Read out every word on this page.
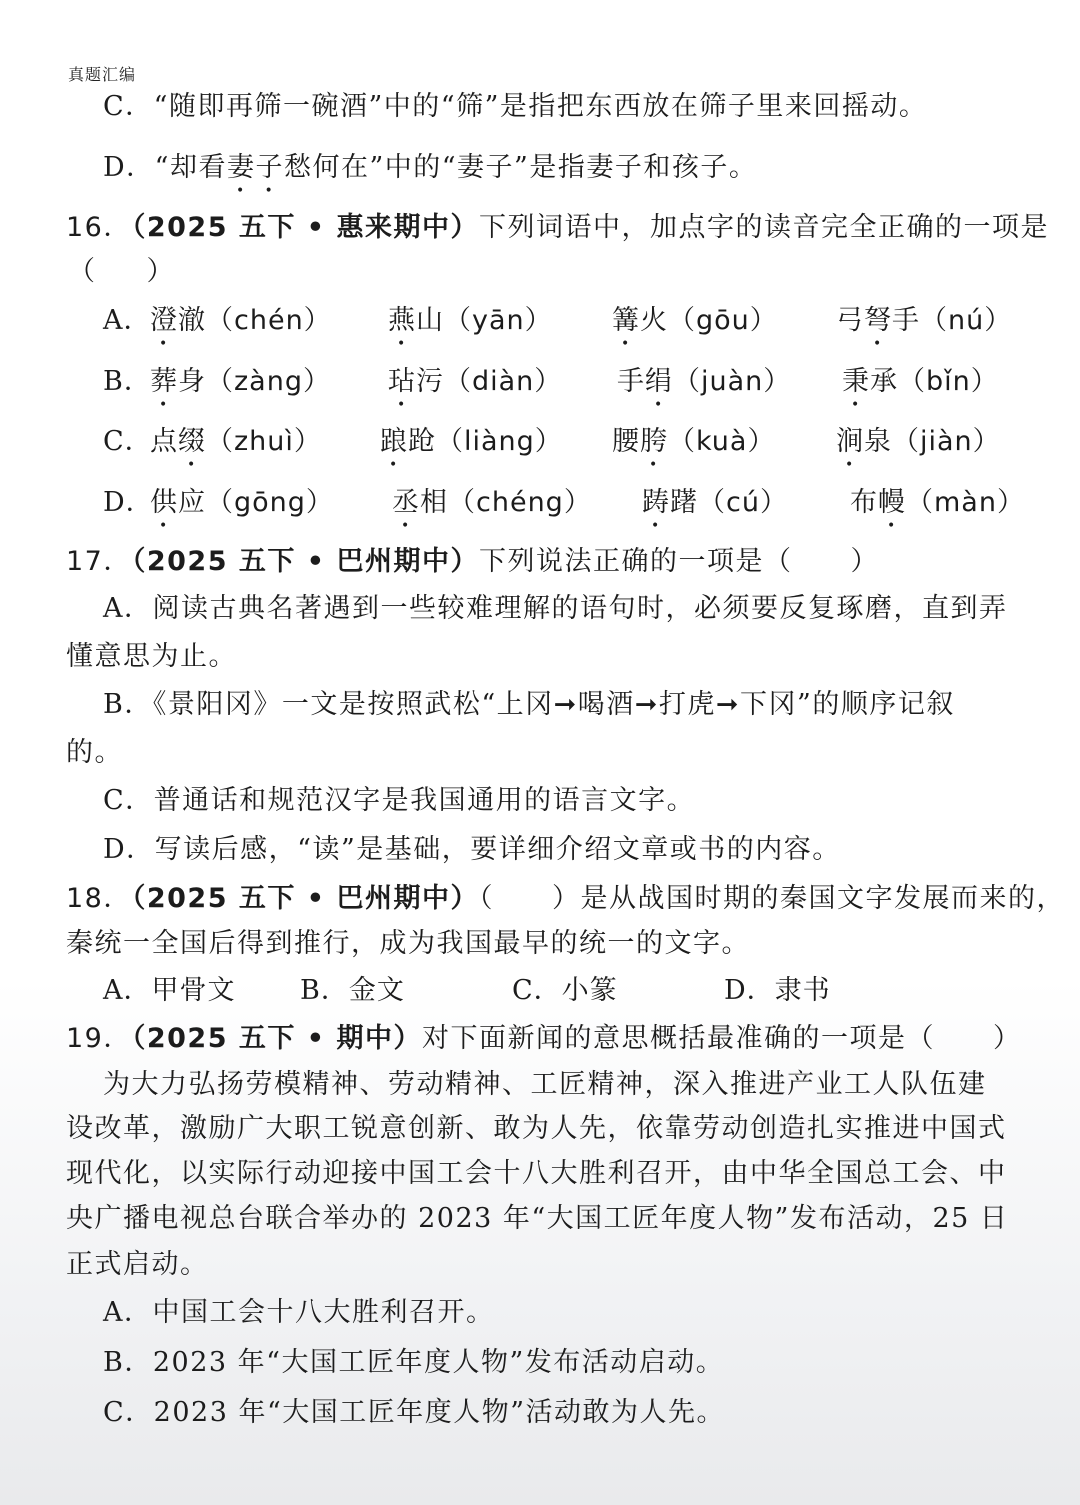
真题汇编
C．“随即再筛一碗酒”中的“筛”是指把东西放在筛子里来回摇动。
D．“却看妻子愁何在”中的“妻子”是指妻子和孩子。
16．（2025 五下 • 惠来期中）下列词语中，加点字的读音完全正确的一项是
（ ）
A．
澄澈（chén） 燕山（yān） 篝火（gōu） 弓弩手（nú）
B．
葬身（zàng） 玷污（diàn） 手绢（juàn） 秉承（bǐn）
C．
点缀（zhuì） 踉跄（liàng） 腰胯（kuà） 涧泉（jiàn）
D．
供应（gōng） 丞相（chéng） 踌躇（cú） 布幔（màn）
17．（2025 五下 • 巴州期中）下列说法正确的一项是（ ）
A．阅读古典名著遇到一些较难理解的语句时，必须要反复琢磨，直到弄
懂意思为止。
B．《景阳冈》一文是按照武松“上冈➞喝酒➞打虎➞下冈”的顺序记叙
的。
C．普通话和规范汉字是我国通用的语言文字。
D．写读后感，“读”是基础，要详细介绍文章或书的内容。
18．（2025 五下 • 巴州期中）（ ）是从战国时期的秦国文字发展而来的，
秦统一全国后得到推行，成为我国最早的统一的文字。
A．甲骨文 B．金文	C．小篆	D．隶书
19．（2025 五下 • 期中）对下面新闻的意思概括最准确的一项是（ ）
为大力弘扬劳模精神、劳动精神、工匠精神，深入推进产业工人队伍建
设改革，激励广大职工锐意创新、敢为人先，依靠劳动创造扎实推进中国式
现代化，以实际行动迎接中国工会十八大胜利召开，由中华全国总工会、中
央广播电视总台联合举办的 2023 年“大国工匠年度人物”发布活动，25 日
正式启动。
A．中国工会十八大胜利召开。
B．2023 年“大国工匠年度人物”发布活动启动。
C．2023 年“大国工匠年度人物”活动敢为人先。
